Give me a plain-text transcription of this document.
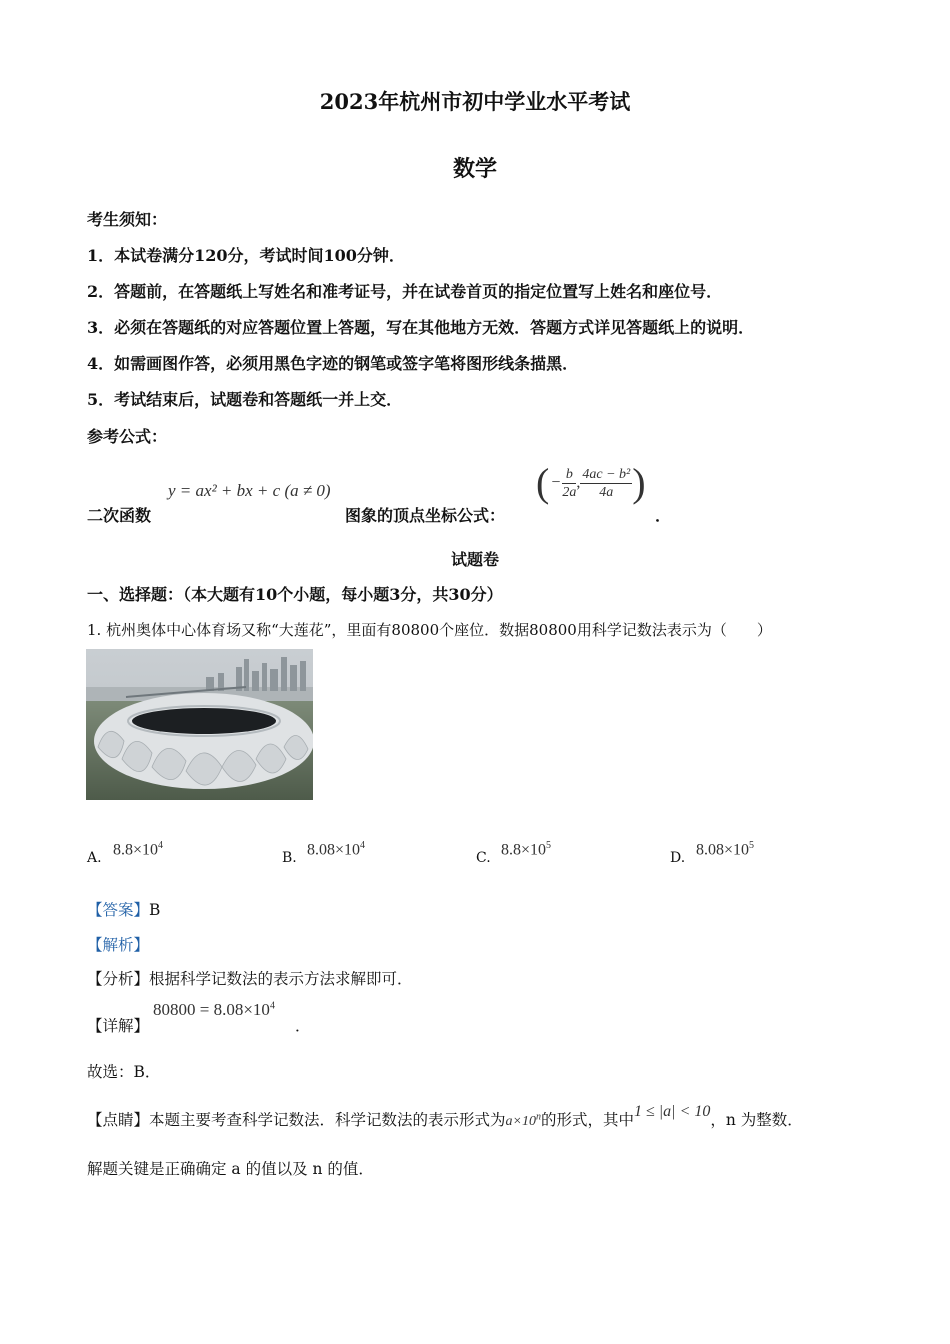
2023年杭州市初中学业水平考试
数学
考生须知：
1．本试卷满分120分，考试时间100分钟．
2．答题前，在答题纸上写姓名和准考证号，并在试卷首页的指定位置写上姓名和座位号．
3．必须在答题纸的对应答题位置上答题，写在其他地方无效．答题方式详见答题纸上的说明．
4．如需画图作答，必须用黑色字迹的钢笔或签字笔将图形线条描黑．
5．考试结束后，试题卷和答题纸一并上交．
参考公式：
二次函数
y = ax² + bx + c (a ≠ 0)
图象的顶点坐标公式：
( − $\frac{b}{2a}$ , $\frac{\text{4ac − b²}}{4a}$ )
．
试题卷
一、选择题：（本大题有10个小题，每小题3分，共30分）
1. 杭州奥体中心体育场又称“大莲花”，里面有80800个座位．数据80800用科学记数法表示为（　　）
A. $8.8\times 10^4$
B. $8.08\times 10^4$
C. $8.8\times 10^5$
D. $8.08\times 10^5$
【答案】B
【解析】
【分析】根据科学记数法的表示方法求解即可．
【详解】
$80800 = 8.08\times 10^4$
．
故选：B．
【点睛】本题主要考查科学记数法．科学记数法的表示形式为$a\times 10^n$的形式，其中1 ≤ |a| < 10，n 为整数．
解题关键是正确确定 a 的值以及 n 的值．
